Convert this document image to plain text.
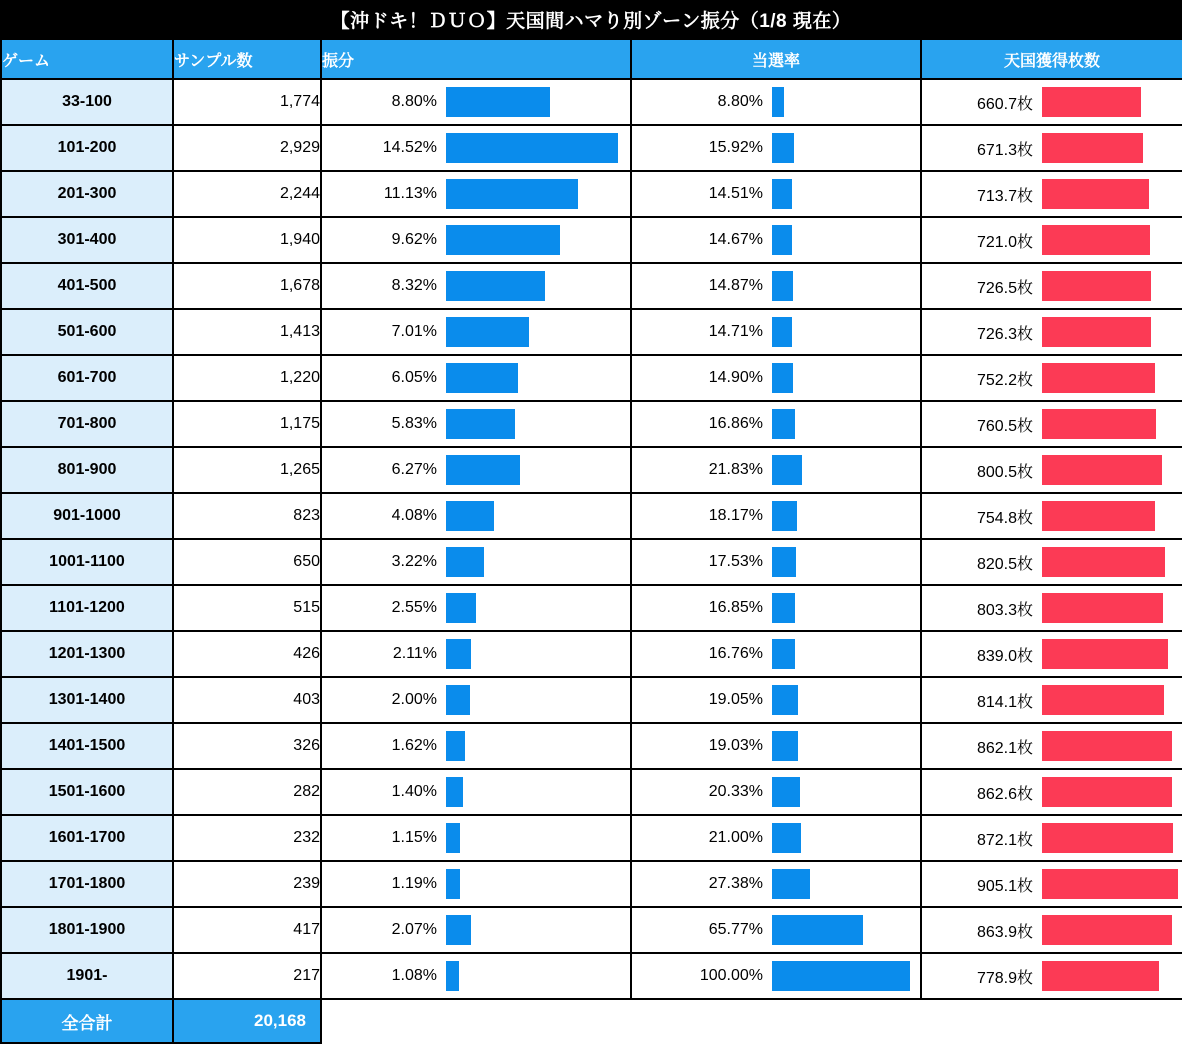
【沖ドキ！ＤＵＯ】天国間ハマり別ゾーン振分（1/8 現在）
ゲーム	サンプル数	振分	当選率	天国獲得枚数
33-100	1,774	8.80%	8.80%	660.7枚

101-200	2,929	14.52%	15.92%	671.3枚

201-300	2,244	11.13%	14.51%	713.7枚

301-400	1,940	9.62%	14.67%	721.0枚

401-500	1,678	8.32%	14.87%	726.5枚

501-600	1,413	7.01%	14.71%	726.3枚

601-700	1,220	6.05%	14.90%	752.2枚

701-800	1,175	5.83%	16.86%	760.5枚

801-900	1,265	6.27%	21.83%	800.5枚

901-1000	823	4.08%	18.17%	754.8枚

1001-1100	650	3.22%	17.53%	820.5枚

1101-1200	515	2.55%	16.85%	803.3枚

1201-1300	426	2.11%	16.76%	839.0枚

1301-1400	403	2.00%	19.05%	814.1枚

1401-1500	326	1.62%	19.03%	862.1枚

1501-1600	282	1.40%	20.33%	862.6枚

1601-1700	232	1.15%	21.00%	872.1枚

1701-1800	239	1.19%	27.38%	905.1枚

1801-1900	417	2.07%	65.77%	863.9枚

1901-	217	1.08%	100.00%	778.9枚

全合計	20,168			
